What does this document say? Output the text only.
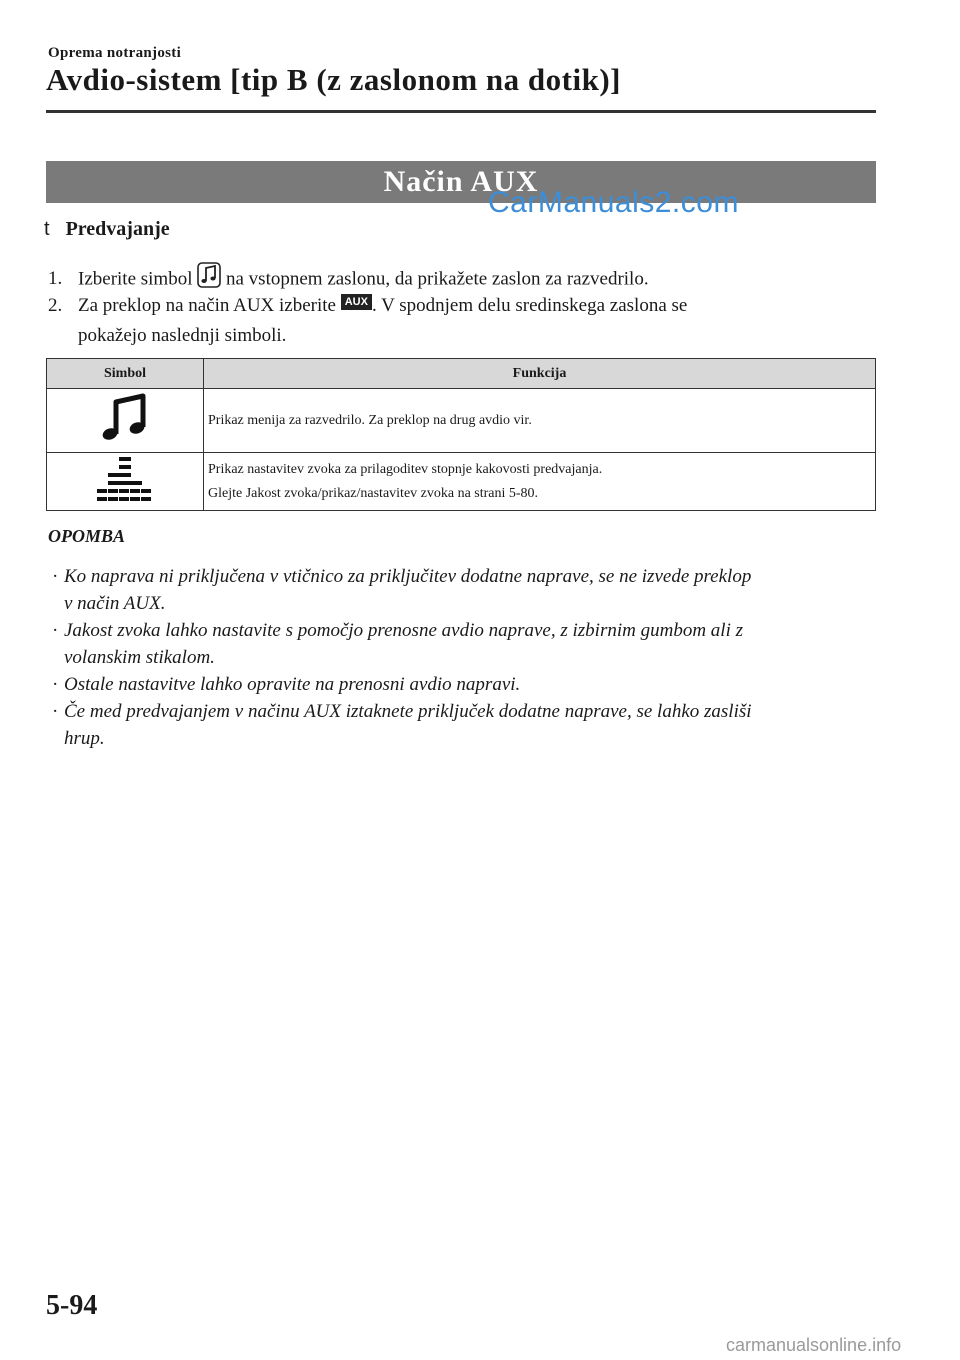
Oprema notranjosti
Avdio-sistem [tip B (z zaslonom na dotik)]
Način AUX
CarManuals2.com
t Predvajanje
1. Izberite simbol  na vstopnem zaslonu, da prikažete zaslon za razvedrilo.
2. Za preklop na način AUX izberite AUX . V spodnjem delu sredinskega zaslona se
pokažejo naslednji simboli.
Simbol	Funkcija
	Prikaz menija za razvedrilo. Za preklop na drug avdio vir.

Prikaz nastavitev zvoka za prilagoditev stopnje kakovosti predvajanja.
Glejte Jakost zvoka/prikaz/nastavitev zvoka na strani 5-80.
OPOMBA
· Ko naprava ni priključena v vtičnico za priključitev dodatne naprave, se ne izvede preklop
v način AUX.
· Jakost zvoka lahko nastavite s pomočjo prenosne avdio naprave, z izbirnim gumbom ali z
volanskim stikalom.
· Ostale nastavitve lahko opravite na prenosni avdio napravi.
· Če med predvajanjem v načinu AUX iztaknete priključek dodatne naprave, se lahko zasliši
hrup.
5-94
carmanualsonline.info
